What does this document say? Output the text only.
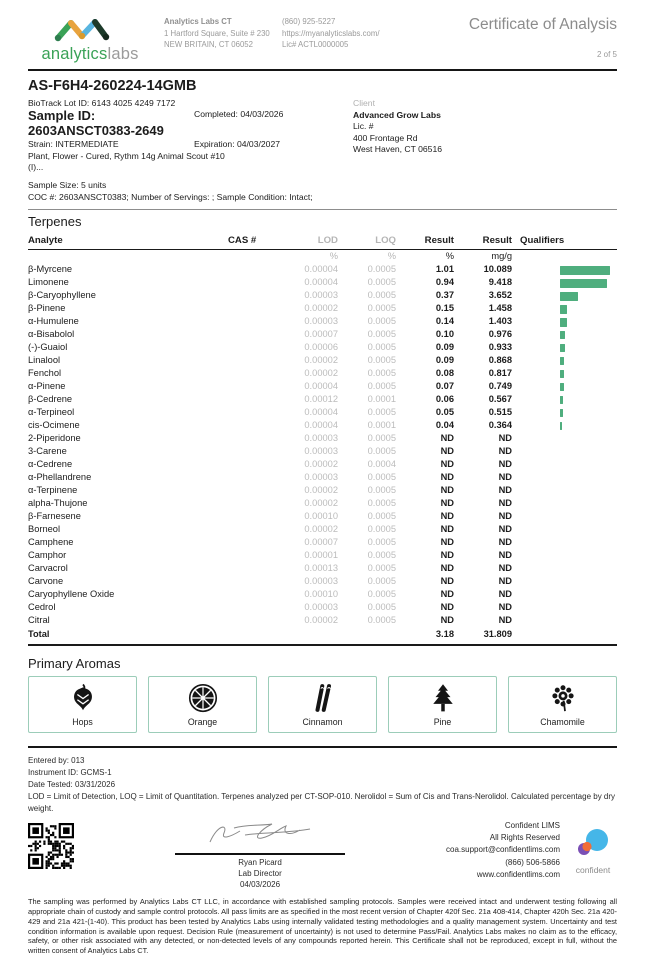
analyticslabs
Analytics Labs CT
1 Hartford Square, Suite # 230
NEW BRITAIN, CT 06052
(860) 925-5227
https://myanalyticslabs.com/
Lic# ACTL0000005
Certificate of Analysis
2 of 5
AS-F6H4-260224-14GMB
BioTrack Lot ID: 6143 4025 4249 7172
Sample ID: 2603ANSCT0383-2649
Completed: 04/03/2026
Strain: INTERMEDIATE	Expiration: 04/03/2027
Plant, Flower - Cured, Rythm 14g Animal Scout #10
(I)...
Sample Size: 5 units
COC #: 2603ANSCT0383; Number of Servings: ; Sample Condition: Intact;
Client
Advanced Grow Labs
Lic. #
400 Frontage Rd
West Haven, CT 06516
Terpenes
Analyte	CAS #	LOD	LOQ	Result	Result	Qualifiers
		%	%	%	mg/g	
β-Myrcene		0.00004	0.0005	1.01	10.089	

Limonene		0.00004	0.0005	0.94	9.418	

β-Caryophyllene		0.00003	0.0005	0.37	3.652	

β-Pinene		0.00002	0.0005	0.15	1.458	

α-Humulene		0.00003	0.0005	0.14	1.403	

α-Bisabolol		0.00007	0.0005	0.10	0.976	

(-)-Guaiol		0.00006	0.0005	0.09	0.933	

Linalool		0.00002	0.0005	0.09	0.868	

Fenchol		0.00002	0.0005	0.08	0.817	

α-Pinene		0.00004	0.0005	0.07	0.749	

β-Cedrene		0.00012	0.0001	0.06	0.567	

α-Terpineol		0.00004	0.0005	0.05	0.515	

cis-Ocimene		0.00004	0.0001	0.04	0.364	

2-Piperidone		0.00003	0.0005	ND	ND	
3-Carene		0.00003	0.0005	ND	ND	
α-Cedrene		0.00002	0.0004	ND	ND	
α-Phellandrene		0.00003	0.0005	ND	ND	
α-Terpinene		0.00002	0.0005	ND	ND	
alpha-Thujone		0.00002	0.0005	ND	ND	
β-Farnesene		0.00010	0.0005	ND	ND	
Borneol		0.00002	0.0005	ND	ND	
Camphene		0.00007	0.0005	ND	ND	
Camphor		0.00001	0.0005	ND	ND	
Carvacrol		0.00013	0.0005	ND	ND	
Carvone		0.00003	0.0005	ND	ND	
Caryophyllene Oxide		0.00010	0.0005	ND	ND	
Cedrol		0.00003	0.0005	ND	ND	
Citral		0.00002	0.0005	ND	ND	
Total				3.18	31.809	
Primary Aromas
Hops	Orange	Cinnamon	Pine	Chamomile
Entered by: 013
Instrument ID: GCMS-1
Date Tested: 03/31/2026
LOD = Limit of Detection, LOQ = Limit of Quantitation. Terpenes analyzed per CT-SOP-010. Nerolidol = Sum of Cis and Trans-Nerolidol. Calculated percentage by dry weight.
Ryan Picard
Lab Director
04/03/2026
Confident LIMS
All Rights Reserved
coa.support@confidentlims.com
(866) 506-5866
www.confidentlims.com
confident
The sampling was performed by Analytics Labs CT LLC, in accordance with established sampling protocols. Samples were received intact and underwent testing following all appropriate chain of custody and sample control protocols. All pass limits are as specified in the most recent version of Chapter 420f Sec. 21a 408-414, Chapter 420h Sec. 21a 420-429 and 21a 421-(1-40). This product has been tested by Analytics Labs using internally validated testing methodologies and a quality management system. Uncertainty and test condition information is available upon request. Decision Rule (measurement of uncertainty) is not used to determine Pass/Fail. Analytics Labs makes no claim as to the efficacy, safety, or other risk associated with any detected, or non-detected levels of any compounds reported herein. This Certificate shall not be reproduced, except in full, without the written consent of Analytics Labs CT.
